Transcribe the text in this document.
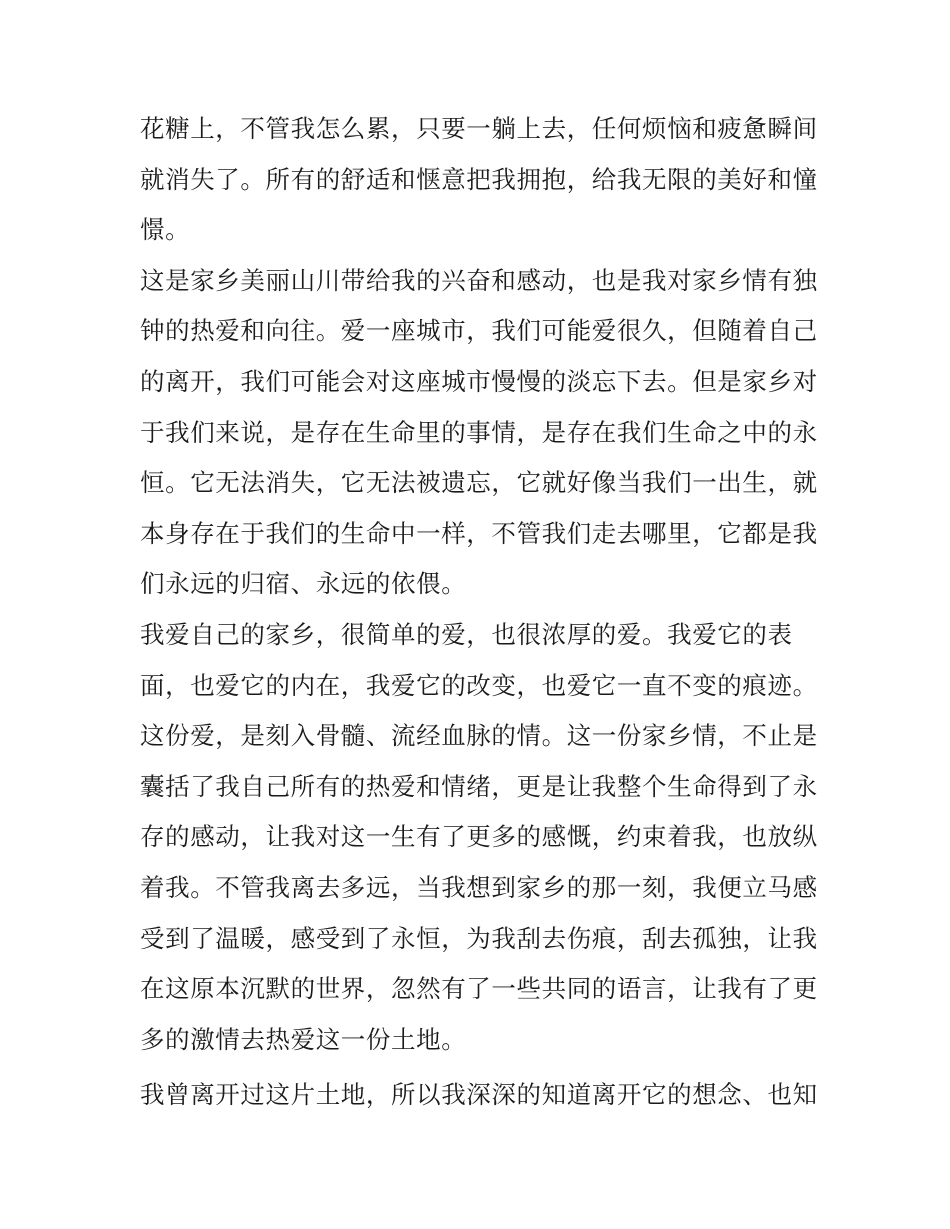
花糖上，不管我怎么累，只要一躺上去，任何烦恼和疲惫瞬间
就消失了。所有的舒适和惬意把我拥抱，给我无限的美好和憧
憬。
这是家乡美丽山川带给我的兴奋和感动，也是我对家乡情有独
钟的热爱和向往。爱一座城市，我们可能爱很久，但随着自己
的离开，我们可能会对这座城市慢慢的淡忘下去。但是家乡对
于我们来说，是存在生命里的事情，是存在我们生命之中的永
恒。它无法消失，它无法被遗忘，它就好像当我们一出生，就
本身存在于我们的生命中一样，不管我们走去哪里，它都是我
们永远的归宿、永远的依偎。
我爱自己的家乡，很简单的爱，也很浓厚的爱。我爱它的表
面，也爱它的内在，我爱它的改变，也爱它一直不变的痕迹。
这份爱，是刻入骨髓、流经血脉的情。这一份家乡情，不止是
囊括了我自己所有的热爱和情绪，更是让我整个生命得到了永
存的感动，让我对这一生有了更多的感慨，约束着我，也放纵
着我。不管我离去多远，当我想到家乡的那一刻，我便立马感
受到了温暖，感受到了永恒，为我刮去伤痕，刮去孤独，让我
在这原本沉默的世界，忽然有了一些共同的语言，让我有了更
多的激情去热爱这一份土地。
我曾离开过这片土地，所以我深深的知道离开它的想念、也知
